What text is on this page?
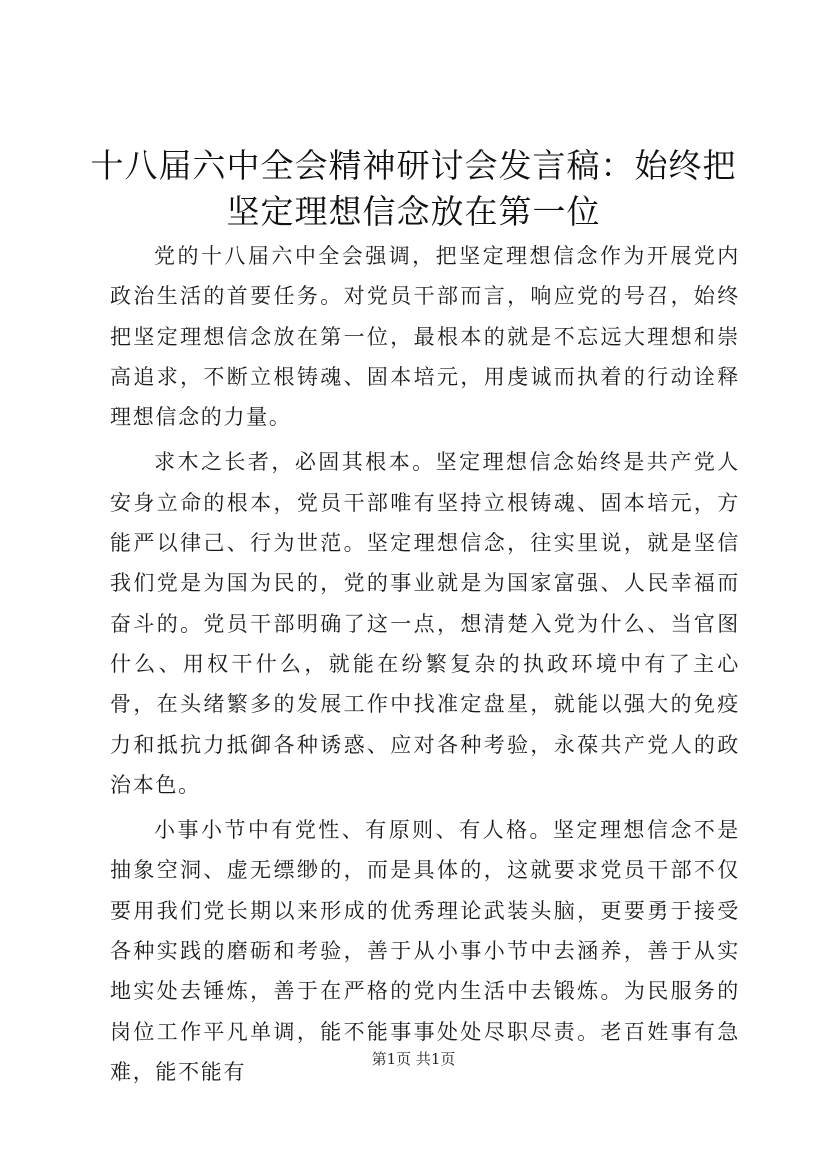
十八届六中全会精神研讨会发言稿：始终把坚定理想信念放在第一位

党的十八届六中全会强调，把坚定理想信念作为开展党内政治生活的首要任务。对党员干部而言，响应党的号召，始终把坚定理想信念放在第一位，最根本的就是不忘远大理想和崇高追求，不断立根铸魂、固本培元，用虔诚而执着的行动诠释理想信念的力量。

求木之长者，必固其根本。坚定理想信念始终是共产党人安身立命的根本，党员干部唯有坚持立根铸魂、固本培元，方能严以律己、行为世范。坚定理想信念，往实里说，就是坚信我们党是为国为民的，党的事业就是为国家富强、人民幸福而奋斗的。党员干部明确了这一点，想清楚入党为什么、当官图什么、用权干什么，就能在纷繁复杂的执政环境中有了主心骨，在头绪繁多的发展工作中找准定盘星，就能以强大的免疫力和抵抗力抵御各种诱惑、应对各种考验，永葆共产党人的政治本色。

小事小节中有党性、有原则、有人格。坚定理想信念不是抽象空洞、虚无缥缈的，而是具体的，这就要求党员干部不仅要用我们党长期以来形成的优秀理论武装头脑，更要勇于接受各种实践的磨砺和考验，善于从小事小节中去涵养，善于从实地实处去锤炼，善于在严格的党内生活中去锻炼。为民服务的岗位工作平凡单调，能不能事事处处尽职尽责。老百姓事有急难，能不能有

第1页 共1页
